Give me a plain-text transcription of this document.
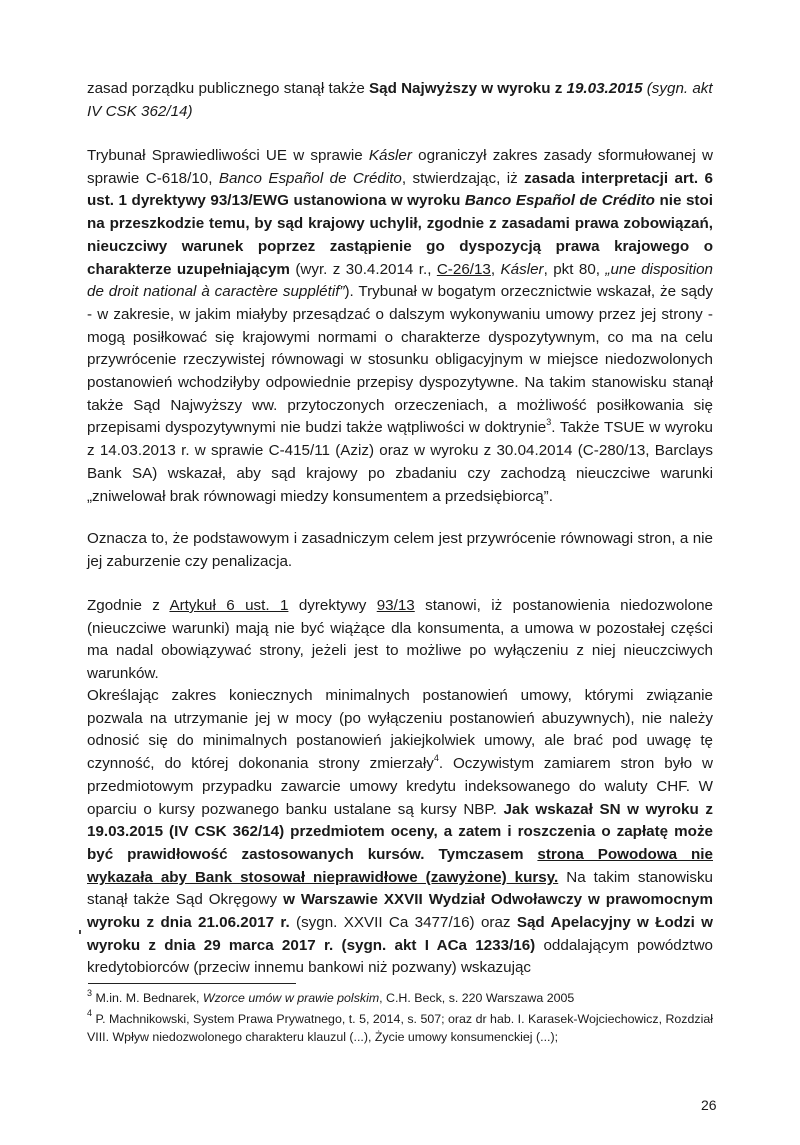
zasad porządku publicznego stanął także Sąd Najwyższy w wyroku z 19.03.2015 (sygn. akt IV CSK 362/14)

Trybunał Sprawiedliwości UE w sprawie Kásler ograniczył zakres zasady sformułowanej w sprawie C-618/10, Banco Español de Crédito, stwierdzając, iż zasada interpretacji art. 6 ust. 1 dyrektywy 93/13/EWG ustanowiona w wyroku Banco Español de Crédito nie stoi na przeszkodzie temu, by sąd krajowy uchylił, zgodnie z zasadami prawa zobowiązań, nieuczciwy warunek poprzez zastąpienie go dyspozycją prawa krajowego o charakterze uzupełniającym (wyr. z 30.4.2014 r., C-26/13, Kásler, pkt 80, „une disposition de droit national à caractère supplétif”). Trybunał w bogatym orzecznictwie wskazał, że sądy - w zakresie, w jakim miałyby przesądzać o dalszym wykonywaniu umowy przez jej strony - mogą posiłkować się krajowymi normami o charakterze dyspozytywnym, co ma na celu przywrócenie rzeczywistej równowagi w stosunku obligacyjnym w miejsce niedozwolonych postanowień wchodziłyby odpowiednie przepisy dyspozytywne. Na takim stanowisku stanął także Sąd Najwyższy ww. przytoczonych orzeczeniach, a możliwość posiłkowania się przepisami dyspozytywnymi nie budzi także wątpliwości w doktrynie$^3$. Także TSUE w wyroku z 14.03.2013 r. w sprawie C-415/11 (Aziz) oraz w wyroku z 30.04.2014 (C-280/13, Barclays Bank SA) wskazał, aby sąd krajowy po zbadaniu czy zachodzą nieuczciwe warunki „zniwelował brak równowagi miedzy konsumentem a przedsiębiorcą”.

Oznacza to, że podstawowym i zasadniczym celem jest przywrócenie równowagi stron, a nie jej zaburzenie czy penalizacja.

Zgodnie z Artykuł 6 ust. 1 dyrektywy 93/13 stanowi, iż postanowienia niedozwolone (nieuczciwe warunki) mają nie być wiążące dla konsumenta, a umowa w pozostałej części ma nadal obowiązywać strony, jeżeli jest to możliwe po wyłączeniu z niej nieuczciwych warunków.

Określając zakres koniecznych minimalnych postanowień umowy, którymi związanie pozwala na utrzymanie jej w mocy (po wyłączeniu postanowień abuzywnych), nie należy odnosić się do minimalnych postanowień jakiejkolwiek umowy, ale brać pod uwagę tę czynność, do której dokonania strony zmierzały$^4$. Oczywistym zamiarem stron było w przedmiotowym przypadku zawarcie umowy kredytu indeksowanego do waluty CHF. W oparciu o kursy pozwanego banku ustalane są kursy NBP. Jak wskazał SN w wyroku z 19.03.2015 (IV CSK 362/14) przedmiotem oceny, a zatem i roszczenia o zapłatę może być prawidłowość zastosowanych kursów. Tymczasem strona Powodowa nie wykazała aby Bank stosował nieprawidłowe (zawyżone) kursy. Na takim stanowisku stanął także Sąd Okręgowy w Warszawie XXVII Wydział Odwoławczy w prawomocnym wyroku z dnia 21.06.2017 r. (sygn. XXVII Ca 3477/16) oraz Sąd Apelacyjny w Łodzi w wyroku z dnia 29 marca 2017 r. (sygn. akt I ACa 1233/16) oddalającym powództwo kredytobiorców (przeciw innemu bankowi niż pozwany) wskazując

$^3$ M.in. M. Bednarek, Wzorce umów w prawie polskim, C.H. Beck, s. 220 Warszawa 2005

$^4$ P. Machnikowski, System Prawa Prywatnego, t. 5, 2014, s. 507; oraz dr hab. I. Karasek-Wojciechowicz, Rozdział VIII. Wpływ niedozwolonego charakteru klauzul (...), Życie umowy konsumenckiej (...);

26
